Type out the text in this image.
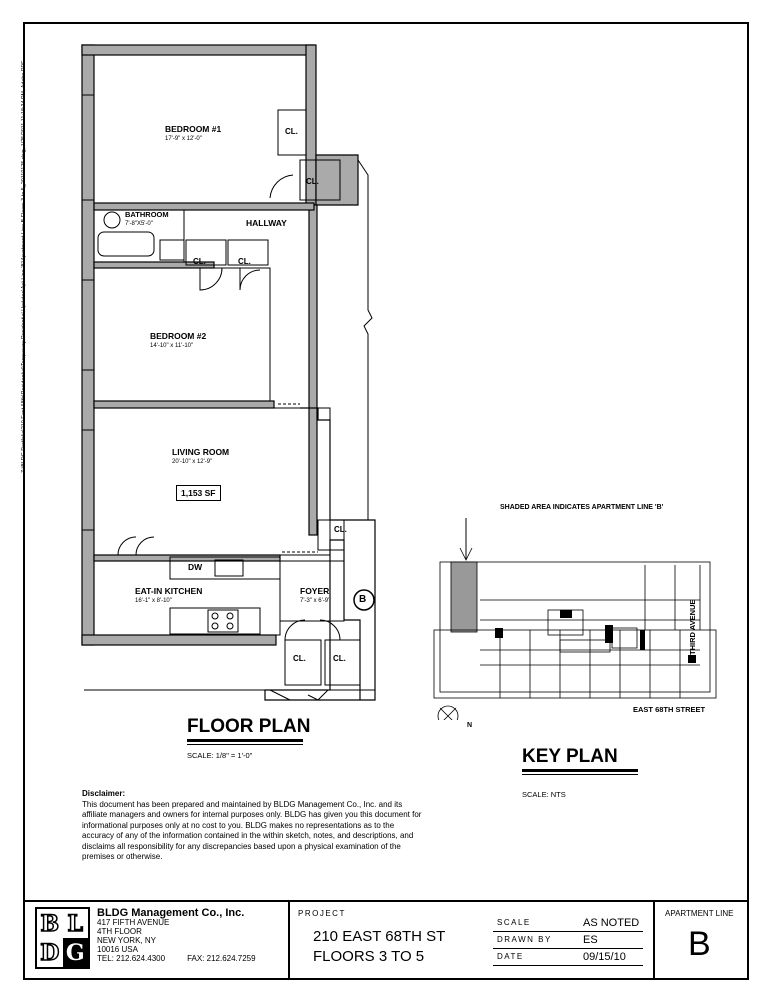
Z:\BLDG Portfolio\210 East 68th\Residential\Temporary Residential Updates\Apt Line 'B'\Apartment Line B Floors 3 to 5_20110125.dwg, 1/25/2011 11:18:34 PM, Adobe PDF	BEDROOM #1
17'-9" x 12'-0"
CL.
CL.
BATHROOM
7'-8"X5'-0"	HALLWAY
CL.	CL.
BEDROOM #2
14'-10" x 11'-10"
LIVING ROOM
20'-10" x 12'-9"
1,153 SF
CL.
DW
EAT-IN KITCHEN
16'-1" x 8'-10"
FOYER
7'-3" x 6'-9"	B
CL.	CL.
FLOOR PLAN
SCALE: 1/8" = 1'-0"
SHADED AREA INDICATES APARTMENT LINE 'B'
EAST 68TH STREET
THIRD AVENUE
N
KEY PLAN
SCALE: NTS
Disclaimer:
This document has been prepared and maintained by BLDG Management Co., Inc. and its affiliate managers and owners for internal purposes only. BLDG has given you this document for informational purposes only at no cost to you. BLDG makes no representations as to the accuracy of any of the information contained in the within sketch, notes, and descriptions, and disclaims all responsibility for any discrepancies based upon a physical examination of the premises or otherwise.
B L
D G
BLDG Management Co., Inc.
417 FIFTH AVENUE
4TH FLOOR
NEW YORK, NY
10016 USA
TEL: 212.624.4300	FAX: 212.624.7259
PROJECT
210 EAST 68TH ST
FLOORS 3 TO 5
SCALE	AS NOTED
DRAWN BY	ES
DATE	09/15/10
APARTMENT LINE
B
